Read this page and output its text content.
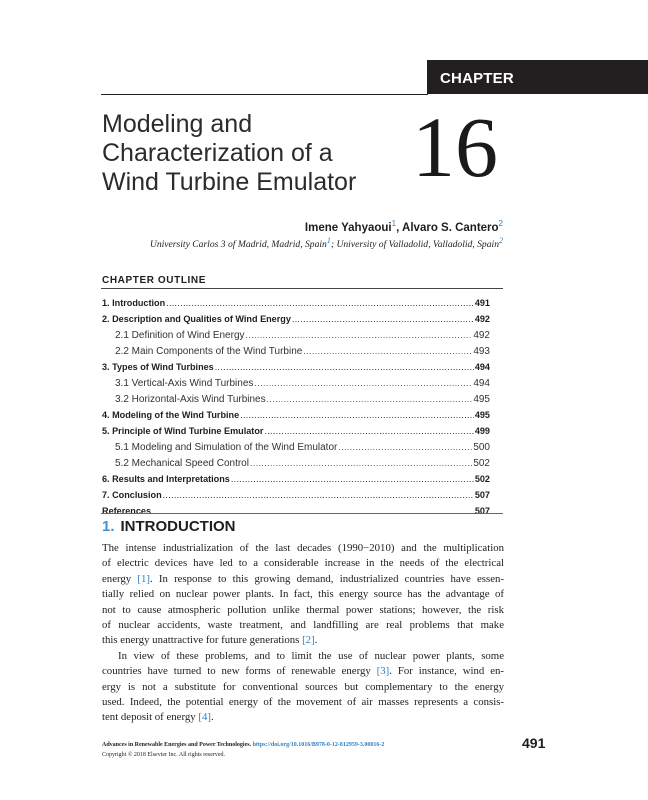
CHAPTER
Modeling and
Characterization of a
Wind Turbine Emulator 16
Imene Yahyaoui$^1$, Alvaro S. Cantero$^2$
University Carlos 3 of Madrid, Madrid, Spain$^1$; University of Valladolid, Valladolid, Spain$^2$
CHAPTER OUTLINE
1. Introduction .....	491
2. Description and Qualities of Wind Energy .....	492
2.1 Definition of Wind Energy .....	492
2.2 Main Components of the Wind Turbine .....	493
3. Types of Wind Turbines .....	494
3.1 Vertical-Axis Wind Turbines .....	494
3.2 Horizontal-Axis Wind Turbines .....	495
4. Modeling of the Wind Turbine .....	495
5. Principle of Wind Turbine Emulator .....	499
5.1 Modeling and Simulation of the Wind Emulator .....	500
5.2 Mechanical Speed Control .....	502
6. Results and Interpretations .....	502
7. Conclusion .....	507
References .....	507
1. INTRODUCTION
The intense industrialization of the last decades (1990−2010) and the multiplication
of electric devices have led to a considerable increase in the needs of the electrical
energy [1]. In response to this growing demand, industrialized countries have essen-
tially relied on nuclear power plants. In fact, this energy source has the advantage of
not to cause atmospheric pollution unlike thermal power stations; however, the risk
of nuclear accidents, waste treatment, and landfilling are real problems that make
this energy unattractive for future generations [2].
In view of these problems, and to limit the use of nuclear power plants, some
countries have turned to new forms of renewable energy [3]. For instance, wind en-
ergy is not a substitute for conventional sources but complementary to the energy
used. Indeed, the potential energy of the movement of air masses represents a consis-
tent deposit of energy [4].
Advances in Renewable Energies and Power Technologies. https://doi.org/10.1016/B978-0-12-812959-3.00016-2
Copyright © 2018 Elsevier Inc. All rights reserved.
491
